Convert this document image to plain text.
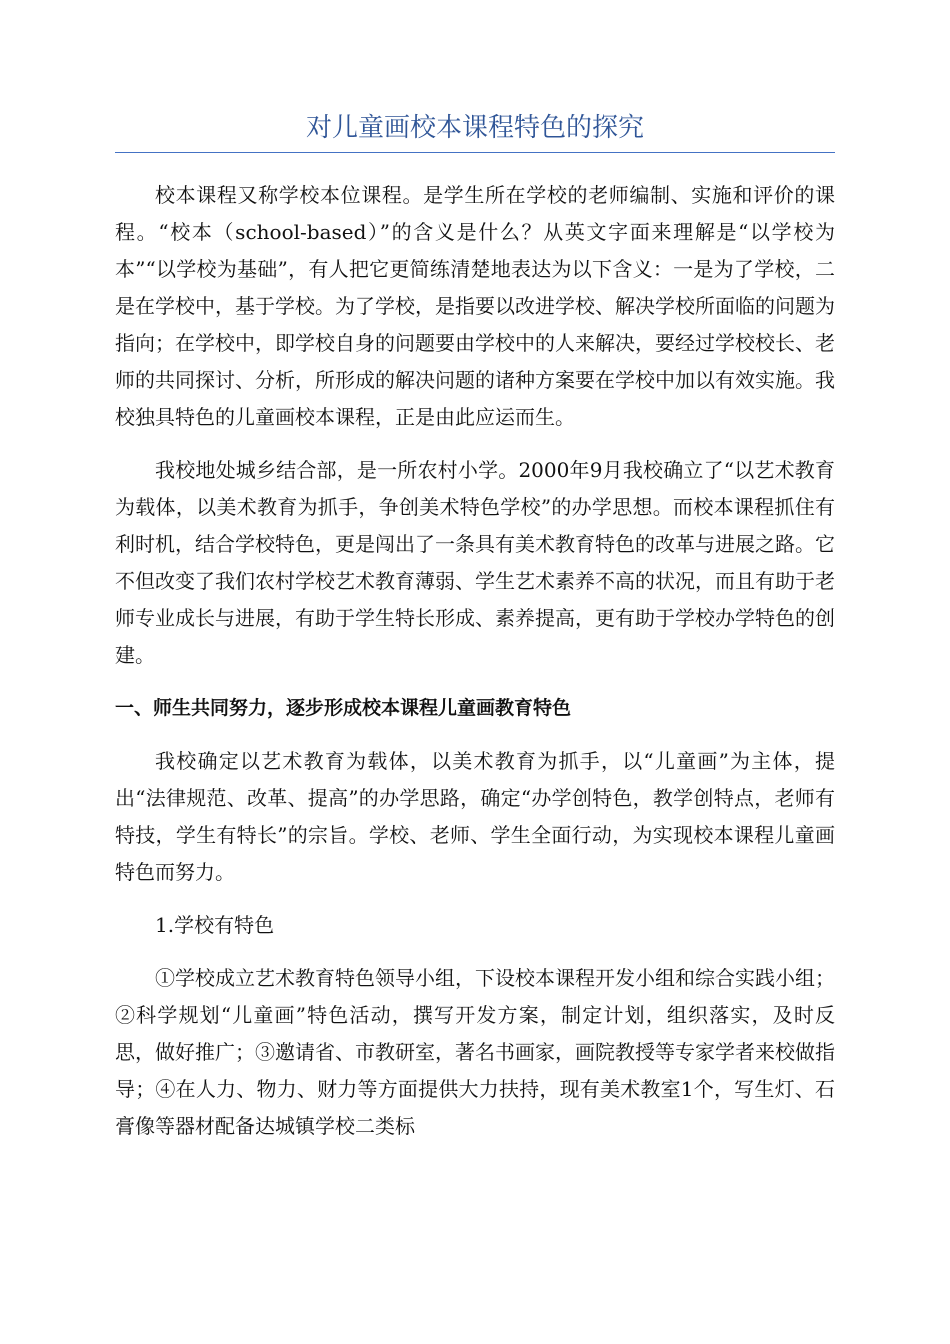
对儿童画校本课程特色的探究

校本课程又称学校本位课程。是学生所在学校的老师编制、实施和评价的课程。“校本（school-based）”的含义是什么？从英文字面来理解是“以学校为本”“以学校为基础”，有人把它更简练清楚地表达为以下含义：一是为了学校，二是在学校中，基于学校。为了学校，是指要以改进学校、解决学校所面临的问题为指向；在学校中，即学校自身的问题要由学校中的人来解决，要经过学校校长、老师的共同探讨、分析，所形成的解决问题的诸种方案要在学校中加以有效实施。我校独具特色的儿童画校本课程，正是由此应运而生。

我校地处城乡结合部，是一所农村小学。2000年9月我校确立了“以艺术教育为载体，以美术教育为抓手，争创美术特色学校”的办学思想。而校本课程抓住有利时机，结合学校特色，更是闯出了一条具有美术教育特色的改革与进展之路。它不但改变了我们农村学校艺术教育薄弱、学生艺术素养不高的状况，而且有助于老师专业成长与进展，有助于学生特长形成、素养提高，更有助于学校办学特色的创建。

一、师生共同努力，逐步形成校本课程儿童画教育特色

我校确定以艺术教育为载体，以美术教育为抓手，以“儿童画”为主体，提出“法律规范、改革、提高”的办学思路，确定“办学创特色，教学创特点，老师有特技，学生有特长”的宗旨。学校、老师、学生全面行动，为实现校本课程儿童画特色而努力。

1.学校有特色

①学校成立艺术教育特色领导小组，下设校本课程开发小组和综合实践小组；②科学规划“儿童画”特色活动，撰写开发方案，制定计划，组织落实，及时反思，做好推广；③邀请省、市教研室，著名书画家，画院教授等专家学者来校做指导；④在人力、物力、财力等方面提供大力扶持，现有美术教室1个，写生灯、石膏像等器材配备达城镇学校二类标
